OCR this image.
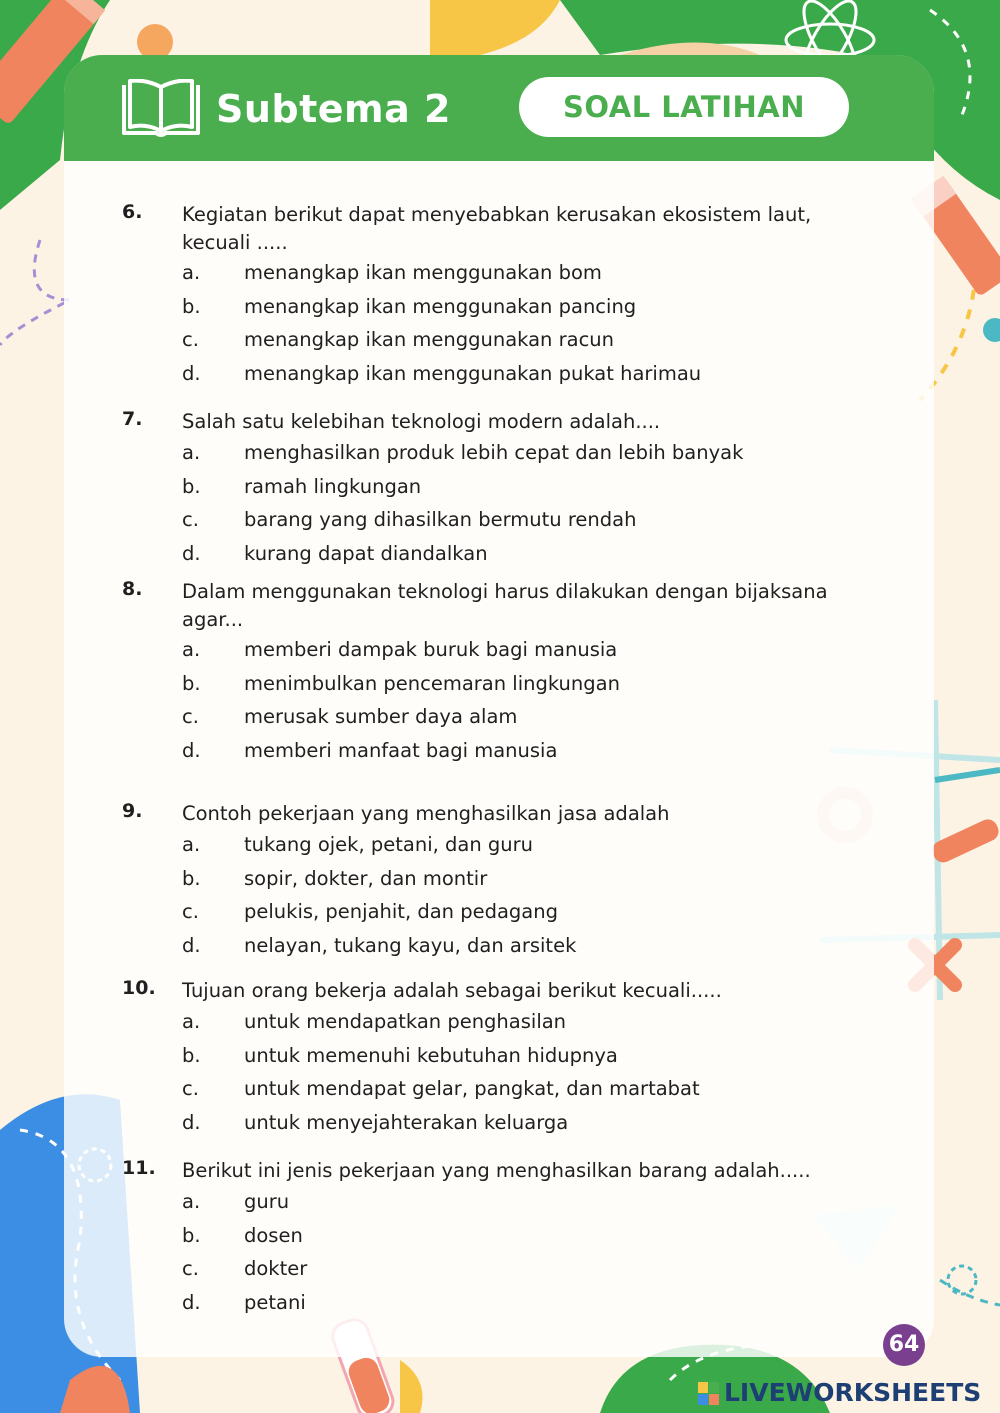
Subtema 2	SOAL LATIHAN
6. Kegiatan berikut dapat menyebabkan kerusakan ekosistem laut, kecuali .....
a. menangkap ikan menggunakan bom
b. menangkap ikan menggunakan pancing
c. menangkap ikan menggunakan racun
d. menangkap ikan menggunakan pukat harimau
7. Salah satu kelebihan teknologi modern adalah....
a. menghasilkan produk lebih cepat dan lebih banyak
b. ramah lingkungan
c. barang yang dihasilkan bermutu rendah
d. kurang dapat diandalkan
8. Dalam menggunakan teknologi harus dilakukan dengan bijaksana agar...
a. memberi dampak buruk bagi manusia
b. menimbulkan pencemaran lingkungan
c. merusak sumber daya alam
d. memberi manfaat bagi manusia
9. Contoh pekerjaan yang menghasilkan jasa adalah
a. tukang ojek, petani, dan guru
b. sopir, dokter, dan montir
c. pelukis, penjahit, dan pedagang
d. nelayan, tukang kayu, dan arsitek
10. Tujuan orang bekerja adalah sebagai berikut kecuali.....
a. untuk mendapatkan penghasilan
b. untuk memenuhi kebutuhan hidupnya
c. untuk mendapat gelar, pangkat, dan martabat
d. untuk menyejahterakan keluarga
11. Berikut ini jenis pekerjaan yang menghasilkan barang adalah.....
a. guru
b. dosen
c. dokter
d. petani
64
LIVEWORKSHEETS
